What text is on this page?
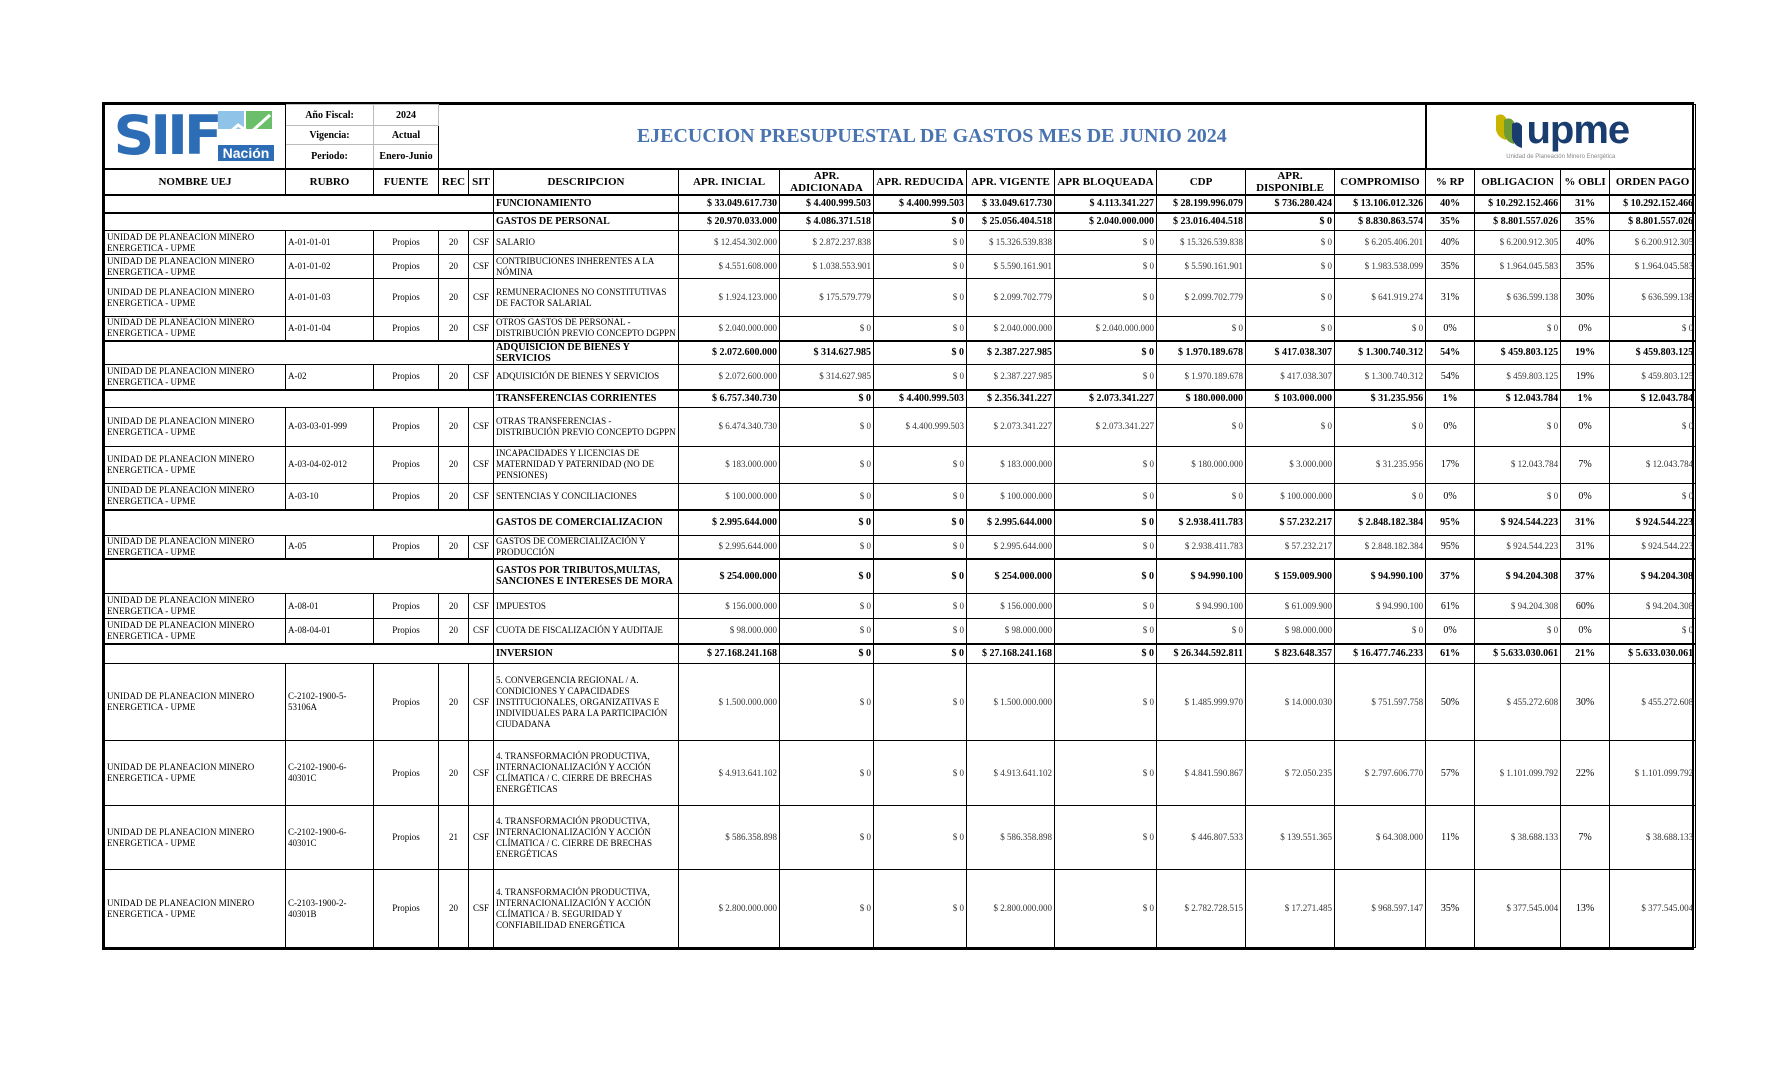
SIIF Nación	Año Fiscal:	2024	EJECUCION PRESUPUESTAL DE GASTOS MES DE JUNIO 2024											upme
Unidad de Planeación Minero Energética			

	Vigencia:	Actual															
	Periodo:	Enero-Junio															
NOMBRE UEJ	RUBRO	FUENTE	REC	SIT	DESCRIPCION	APR. INICIAL	APR. ADICIONADA	APR. REDUCIDA	APR. VIGENTE	APR BLOQUEADA	CDP	APR. DISPONIBLE	COMPROMISO	% RP	OBLIGACION	% OBLI	ORDEN PAGO
					FUNCIONAMIENTO	$ 33.049.617.730	$ 4.400.999.503	$ 4.400.999.503	$ 33.049.617.730	$ 4.113.341.227	$ 28.199.996.079	$ 736.280.424	$ 13.106.012.326	40%	$ 10.292.152.466	31%	$ 10.292.152.466
					GASTOS DE PERSONAL	$ 20.970.033.000	$ 4.086.371.518	$ 0	$ 25.056.404.518	$ 2.040.000.000	$ 23.016.404.518	$ 0	$ 8.830.863.574	35%	$ 8.801.557.026	35%	$ 8.801.557.026
UNIDAD DE PLANEACION MINERO ENERGETICA - UPME	A-01-01-01	Propios	20	CSF	SALARIO	$ 12.454.302.000	$ 2.872.237.838	$ 0	$ 15.326.539.838	$ 0	$ 15.326.539.838	$ 0	$ 6.205.406.201	40%	$ 6.200.912.305	40%	$ 6.200.912.305
UNIDAD DE PLANEACION MINERO ENERGETICA - UPME	A-01-01-02	Propios	20	CSF	CONTRIBUCIONES INHERENTES A LA NÓMINA	$ 4.551.608.000	$ 1.038.553.901	$ 0	$ 5.590.161.901	$ 0	$ 5.590.161.901	$ 0	$ 1.983.538.099	35%	$ 1.964.045.583	35%	$ 1.964.045.583
UNIDAD DE PLANEACION MINERO ENERGETICA - UPME	A-01-01-03	Propios	20	CSF	REMUNERACIONES NO CONSTITUTIVAS DE FACTOR SALARIAL	$ 1.924.123.000	$ 175.579.779	$ 0	$ 2.099.702.779	$ 0	$ 2.099.702.779	$ 0	$ 641.919.274	31%	$ 636.599.138	30%	$ 636.599.138
UNIDAD DE PLANEACION MINERO ENERGETICA - UPME	A-01-01-04	Propios	20	CSF	OTROS GASTOS DE PERSONAL - DISTRIBUCIÓN PREVIO CONCEPTO DGPPN	$ 2.040.000.000	$ 0	$ 0	$ 2.040.000.000	$ 2.040.000.000	$ 0	$ 0	$ 0	0%	$ 0	0%	$ 0
					ADQUISICION DE BIENES Y SERVICIOS	$ 2.072.600.000	$ 314.627.985	$ 0	$ 2.387.227.985	$ 0	$ 1.970.189.678	$ 417.038.307	$ 1.300.740.312	54%	$ 459.803.125	19%	$ 459.803.125
UNIDAD DE PLANEACION MINERO ENERGETICA - UPME	A-02	Propios	20	CSF	ADQUISICIÓN DE BIENES Y SERVICIOS	$ 2.072.600.000	$ 314.627.985	$ 0	$ 2.387.227.985	$ 0	$ 1.970.189.678	$ 417.038.307	$ 1.300.740.312	54%	$ 459.803.125	19%	$ 459.803.125
					TRANSFERENCIAS CORRIENTES	$ 6.757.340.730	$ 0	$ 4.400.999.503	$ 2.356.341.227	$ 2.073.341.227	$ 180.000.000	$ 103.000.000	$ 31.235.956	1%	$ 12.043.784	1%	$ 12.043.784
UNIDAD DE PLANEACION MINERO ENERGETICA - UPME	A-03-03-01-999	Propios	20	CSF	OTRAS TRANSFERENCIAS - DISTRIBUCIÓN PREVIO CONCEPTO DGPPN	$ 6.474.340.730	$ 0	$ 4.400.999.503	$ 2.073.341.227	$ 2.073.341.227	$ 0	$ 0	$ 0	0%	$ 0	0%	$ 0
UNIDAD DE PLANEACION MINERO ENERGETICA - UPME	A-03-04-02-012	Propios	20	CSF	INCAPACIDADES Y LICENCIAS DE MATERNIDAD Y PATERNIDAD (NO DE PENSIONES)	$ 183.000.000	$ 0	$ 0	$ 183.000.000	$ 0	$ 180.000.000	$ 3.000.000	$ 31.235.956	17%	$ 12.043.784	7%	$ 12.043.784
UNIDAD DE PLANEACION MINERO ENERGETICA - UPME	A-03-10	Propios	20	CSF	SENTENCIAS Y CONCILIACIONES	$ 100.000.000	$ 0	$ 0	$ 100.000.000	$ 0	$ 0	$ 100.000.000	$ 0	0%	$ 0	0%	$ 0
					GASTOS DE COMERCIALIZACION	$ 2.995.644.000	$ 0	$ 0	$ 2.995.644.000	$ 0	$ 2.938.411.783	$ 57.232.217	$ 2.848.182.384	95%	$ 924.544.223	31%	$ 924.544.223
UNIDAD DE PLANEACION MINERO ENERGETICA - UPME	A-05	Propios	20	CSF	GASTOS DE COMERCIALIZACIÓN Y PRODUCCIÓN	$ 2.995.644.000	$ 0	$ 0	$ 2.995.644.000	$ 0	$ 2.938.411.783	$ 57.232.217	$ 2.848.182.384	95%	$ 924.544.223	31%	$ 924.544.223
					GASTOS POR TRIBUTOS,MULTAS, SANCIONES E INTERESES DE MORA	$ 254.000.000	$ 0	$ 0	$ 254.000.000	$ 0	$ 94.990.100	$ 159.009.900	$ 94.990.100	37%	$ 94.204.308	37%	$ 94.204.308
UNIDAD DE PLANEACION MINERO ENERGETICA - UPME	A-08-01	Propios	20	CSF	IMPUESTOS	$ 156.000.000	$ 0	$ 0	$ 156.000.000	$ 0	$ 94.990.100	$ 61.009.900	$ 94.990.100	61%	$ 94.204.308	60%	$ 94.204.308
UNIDAD DE PLANEACION MINERO ENERGETICA - UPME	A-08-04-01	Propios	20	CSF	CUOTA DE FISCALIZACIÓN Y AUDITAJE	$ 98.000.000	$ 0	$ 0	$ 98.000.000	$ 0	$ 0	$ 98.000.000	$ 0	0%	$ 0	0%	$ 0
					INVERSION	$ 27.168.241.168	$ 0	$ 0	$ 27.168.241.168	$ 0	$ 26.344.592.811	$ 823.648.357	$ 16.477.746.233	61%	$ 5.633.030.061	21%	$ 5.633.030.061
UNIDAD DE PLANEACION MINERO ENERGETICA - UPME	C-2102-1900-5-53106A	Propios	20	CSF	5. CONVERGENCIA REGIONAL / A. CONDICIONES Y CAPACIDADES INSTITUCIONALES, ORGANIZATIVAS E INDIVIDUALES PARA LA PARTICIPACIÓN CIUDADANA	$ 1.500.000.000	$ 0	$ 0	$ 1.500.000.000	$ 0	$ 1.485.999.970	$ 14.000.030	$ 751.597.758	50%	$ 455.272.608	30%	$ 455.272.608
UNIDAD DE PLANEACION MINERO ENERGETICA - UPME	C-2102-1900-6-40301C	Propios	20	CSF	4. TRANSFORMACIÓN PRODUCTIVA, INTERNACIONALIZACIÓN Y ACCIÓN CLÍMATICA / C. CIERRE DE BRECHAS ENERGÉTICAS	$ 4.913.641.102	$ 0	$ 0	$ 4.913.641.102	$ 0	$ 4.841.590.867	$ 72.050.235	$ 2.797.606.770	57%	$ 1.101.099.792	22%	$ 1.101.099.792
UNIDAD DE PLANEACION MINERO ENERGETICA - UPME	C-2102-1900-6-40301C	Propios	21	CSF	4. TRANSFORMACIÓN PRODUCTIVA, INTERNACIONALIZACIÓN Y ACCIÓN CLÍMATICA / C. CIERRE DE BRECHAS ENERGÉTICAS	$ 586.358.898	$ 0	$ 0	$ 586.358.898	$ 0	$ 446.807.533	$ 139.551.365	$ 64.308.000	11%	$ 38.688.133	7%	$ 38.688.133
UNIDAD DE PLANEACION MINERO ENERGETICA - UPME	C-2103-1900-2-40301B	Propios	20	CSF	4. TRANSFORMACIÓN PRODUCTIVA, INTERNACIONALIZACIÓN Y ACCIÓN CLÍMATICA / B. SEGURIDAD Y CONFIABILIDAD ENERGÉTICA	$ 2.800.000.000	$ 0	$ 0	$ 2.800.000.000	$ 0	$ 2.782.728.515	$ 17.271.485	$ 968.597.147	35%	$ 377.545.004	13%	$ 377.545.004
